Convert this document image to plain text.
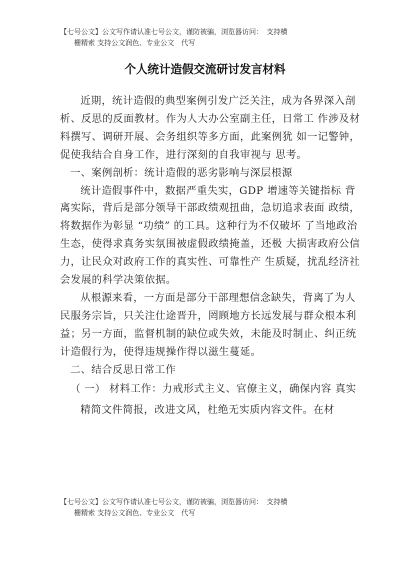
【七号公文】公文写作请认准七号公文，谨防被骗，浏览器访问：　支持横
　　栅精索 支持公文润色、专业公文　代写
个人统计造假交流研讨发言材料

近期，统计造假的典型案例引发广泛关注，成为各界深入剖析、反思的反面教材。作为人大办公室副主任，日常工 作涉及材料撰写、调研开展、会务组织等多方面，此案例犹 如一记警钟，促使我结合自身工作，进行深刻的自我审视与 思考。

一、案例剖析：统计造假的恶劣影响与深层根源

统计造假事件中，数据严重失实，GDP 增速等关键指标 背离实际，背后是部分领导干部政绩观扭曲，急切追求表面 政绩，将数据作为彰显 “功绩” 的工具。这种行为不仅破坏 了当地政治生态，使得求真务实氛围被虚假政绩掩盖，还极 大损害政府公信力，让民众对政府工作的真实性、可靠性产 生质疑，扰乱经济社会发展的科学决策依据。

从根源来看，一方面是部分干部理想信念缺失，背离了为人民服务宗旨，只关注仕途晋升，罔顾地方长远发展与群众根本利益；另一方面，监督机制的缺位或失效，未能及时制止、纠正统计造假行为，使得违规操作得以滋生蔓延。

二、结合反思日常工作

（ 一） 材料工作：力戒形式主义、官僚主义，确保内容 真实

精简文件简报，改进文风，杜绝无实质内容文件。在材

【七号公文】公文写作请认准七号公文，谨防被骗，浏览器访问：　支持横
　　栅精索 支持公文润色、专业公文　代写
